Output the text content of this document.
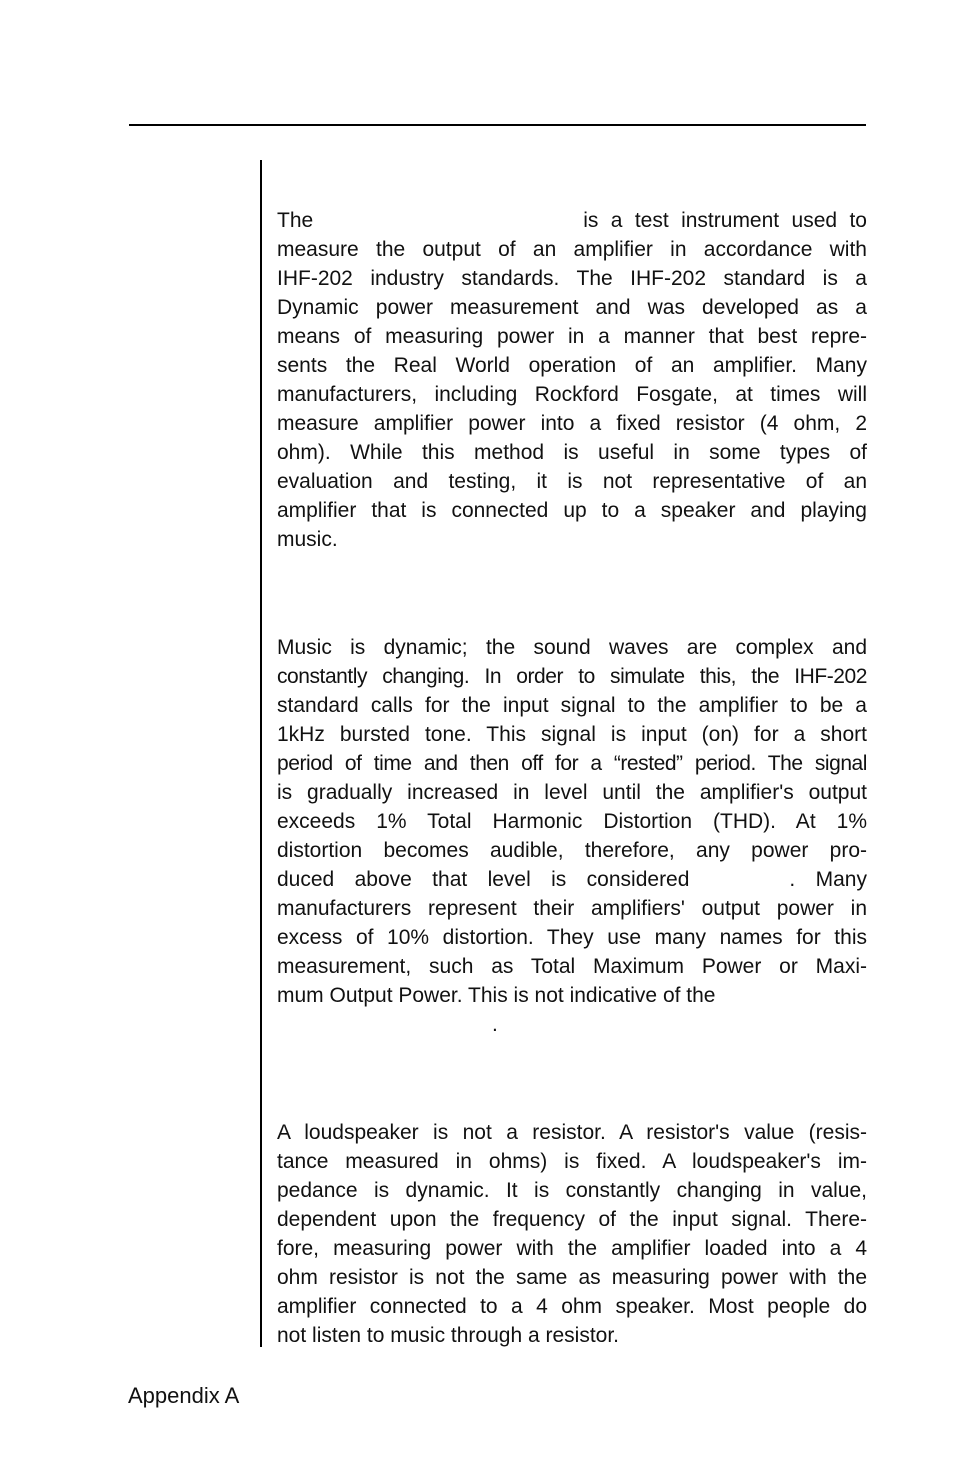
The	is a test instrument used to
measure the output of an amplifier in accordance with
IHF-202 industry standards. The IHF-202 standard is a
Dynamic power measurement and was developed as a
means of measuring power in a manner that best repre-
sents the Real World operation of an amplifier. Many
manufacturers, including Rockford Fosgate, at times will
measure amplifier power into a fixed resistor (4 ohm, 2
ohm). While this method is useful in some types of
evaluation and testing, it is not representative of an
amplifier that is connected up to a speaker and playing
music.
Music is dynamic; the sound waves are complex and
constantly changing. In order to simulate this, the IHF-202
standard calls for the input signal to the amplifier to be a
1kHz bursted tone. This signal is input (on) for a short
period of time and then off for a “rested” period. The signal
is gradually increased in level until the amplifier's output
exceeds 1% Total Harmonic Distortion (THD). At 1%
distortion becomes audible, therefore, any power pro-
duced above that level is considered	. Many
manufacturers represent their amplifiers' output power in
excess of 10% distortion. They use many names for this
measurement, such as Total Maximum Power or Maxi-
mum Output Power. This is not indicative of the
.
A loudspeaker is not a resistor. A resistor's value (resis-
tance measured in ohms) is fixed. A loudspeaker's im-
pedance is dynamic. It is constantly changing in value,
dependent upon the frequency of the input signal. There-
fore, measuring power with the amplifier loaded into a 4
ohm resistor is not the same as measuring power with the
amplifier connected to a 4 ohm speaker. Most people do
not listen to music through a resistor.
Appendix A
